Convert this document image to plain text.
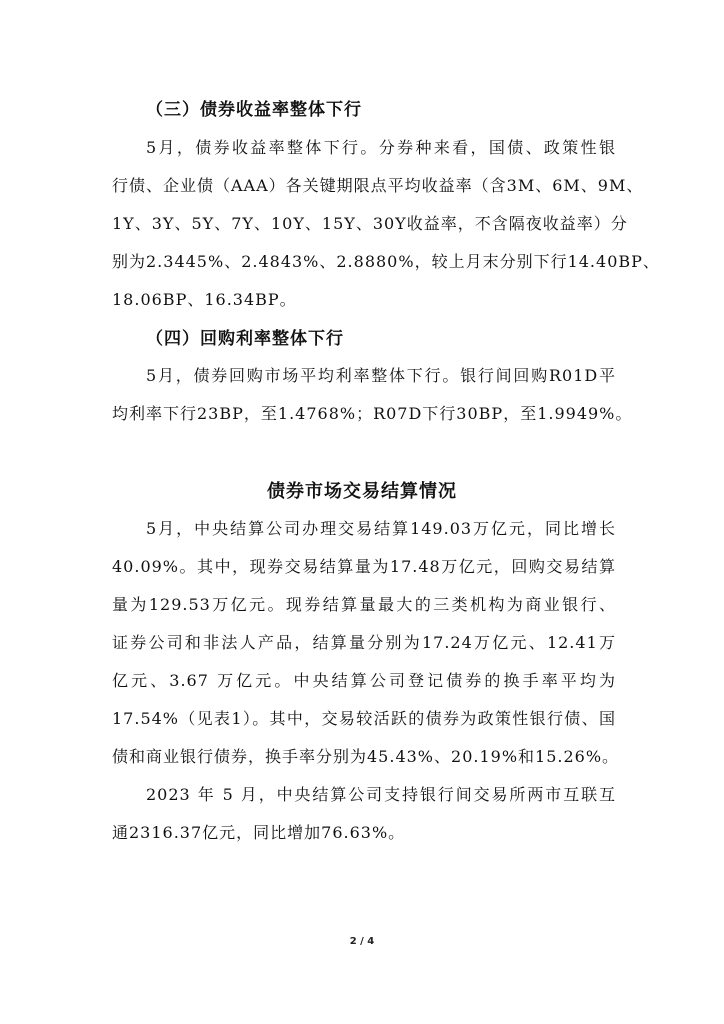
（三）债券收益率整体下行

5月，债券收益率整体下行。分券种来看，国债、政策性银

行债、企业债（AAA）各关键期限点平均收益率（含3M、6M、9M、

1Y、3Y、5Y、7Y、10Y、15Y、30Y收益率，不含隔夜收益率）分

别为2.3445%、2.4843%、2.8880%，较上月末分别下行14.40BP、

18.06BP、16.34BP。

（四）回购利率整体下行

5月，债券回购市场平均利率整体下行。银行间回购R01D平

均利率下行23BP，至1.4768%；R07D下行30BP，至1.9949%。

债券市场交易结算情况

5月，中央结算公司办理交易结算149.03万亿元，同比增长

40.09%。其中，现券交易结算量为17.48万亿元，回购交易结算

量为129.53万亿元。现券结算量最大的三类机构为商业银行、

证券公司和非法人产品，结算量分别为17.24万亿元、12.41万

亿元、3.67 万亿元。中央结算公司登记债券的换手率平均为

17.54%（见表1）。其中，交易较活跃的债券为政策性银行债、国

债和商业银行债券，换手率分别为45.43%、20.19%和15.26%。

2023 年 5 月，中央结算公司支持银行间交易所两市互联互

通2316.37亿元，同比增加76.63%。

2 / 4
